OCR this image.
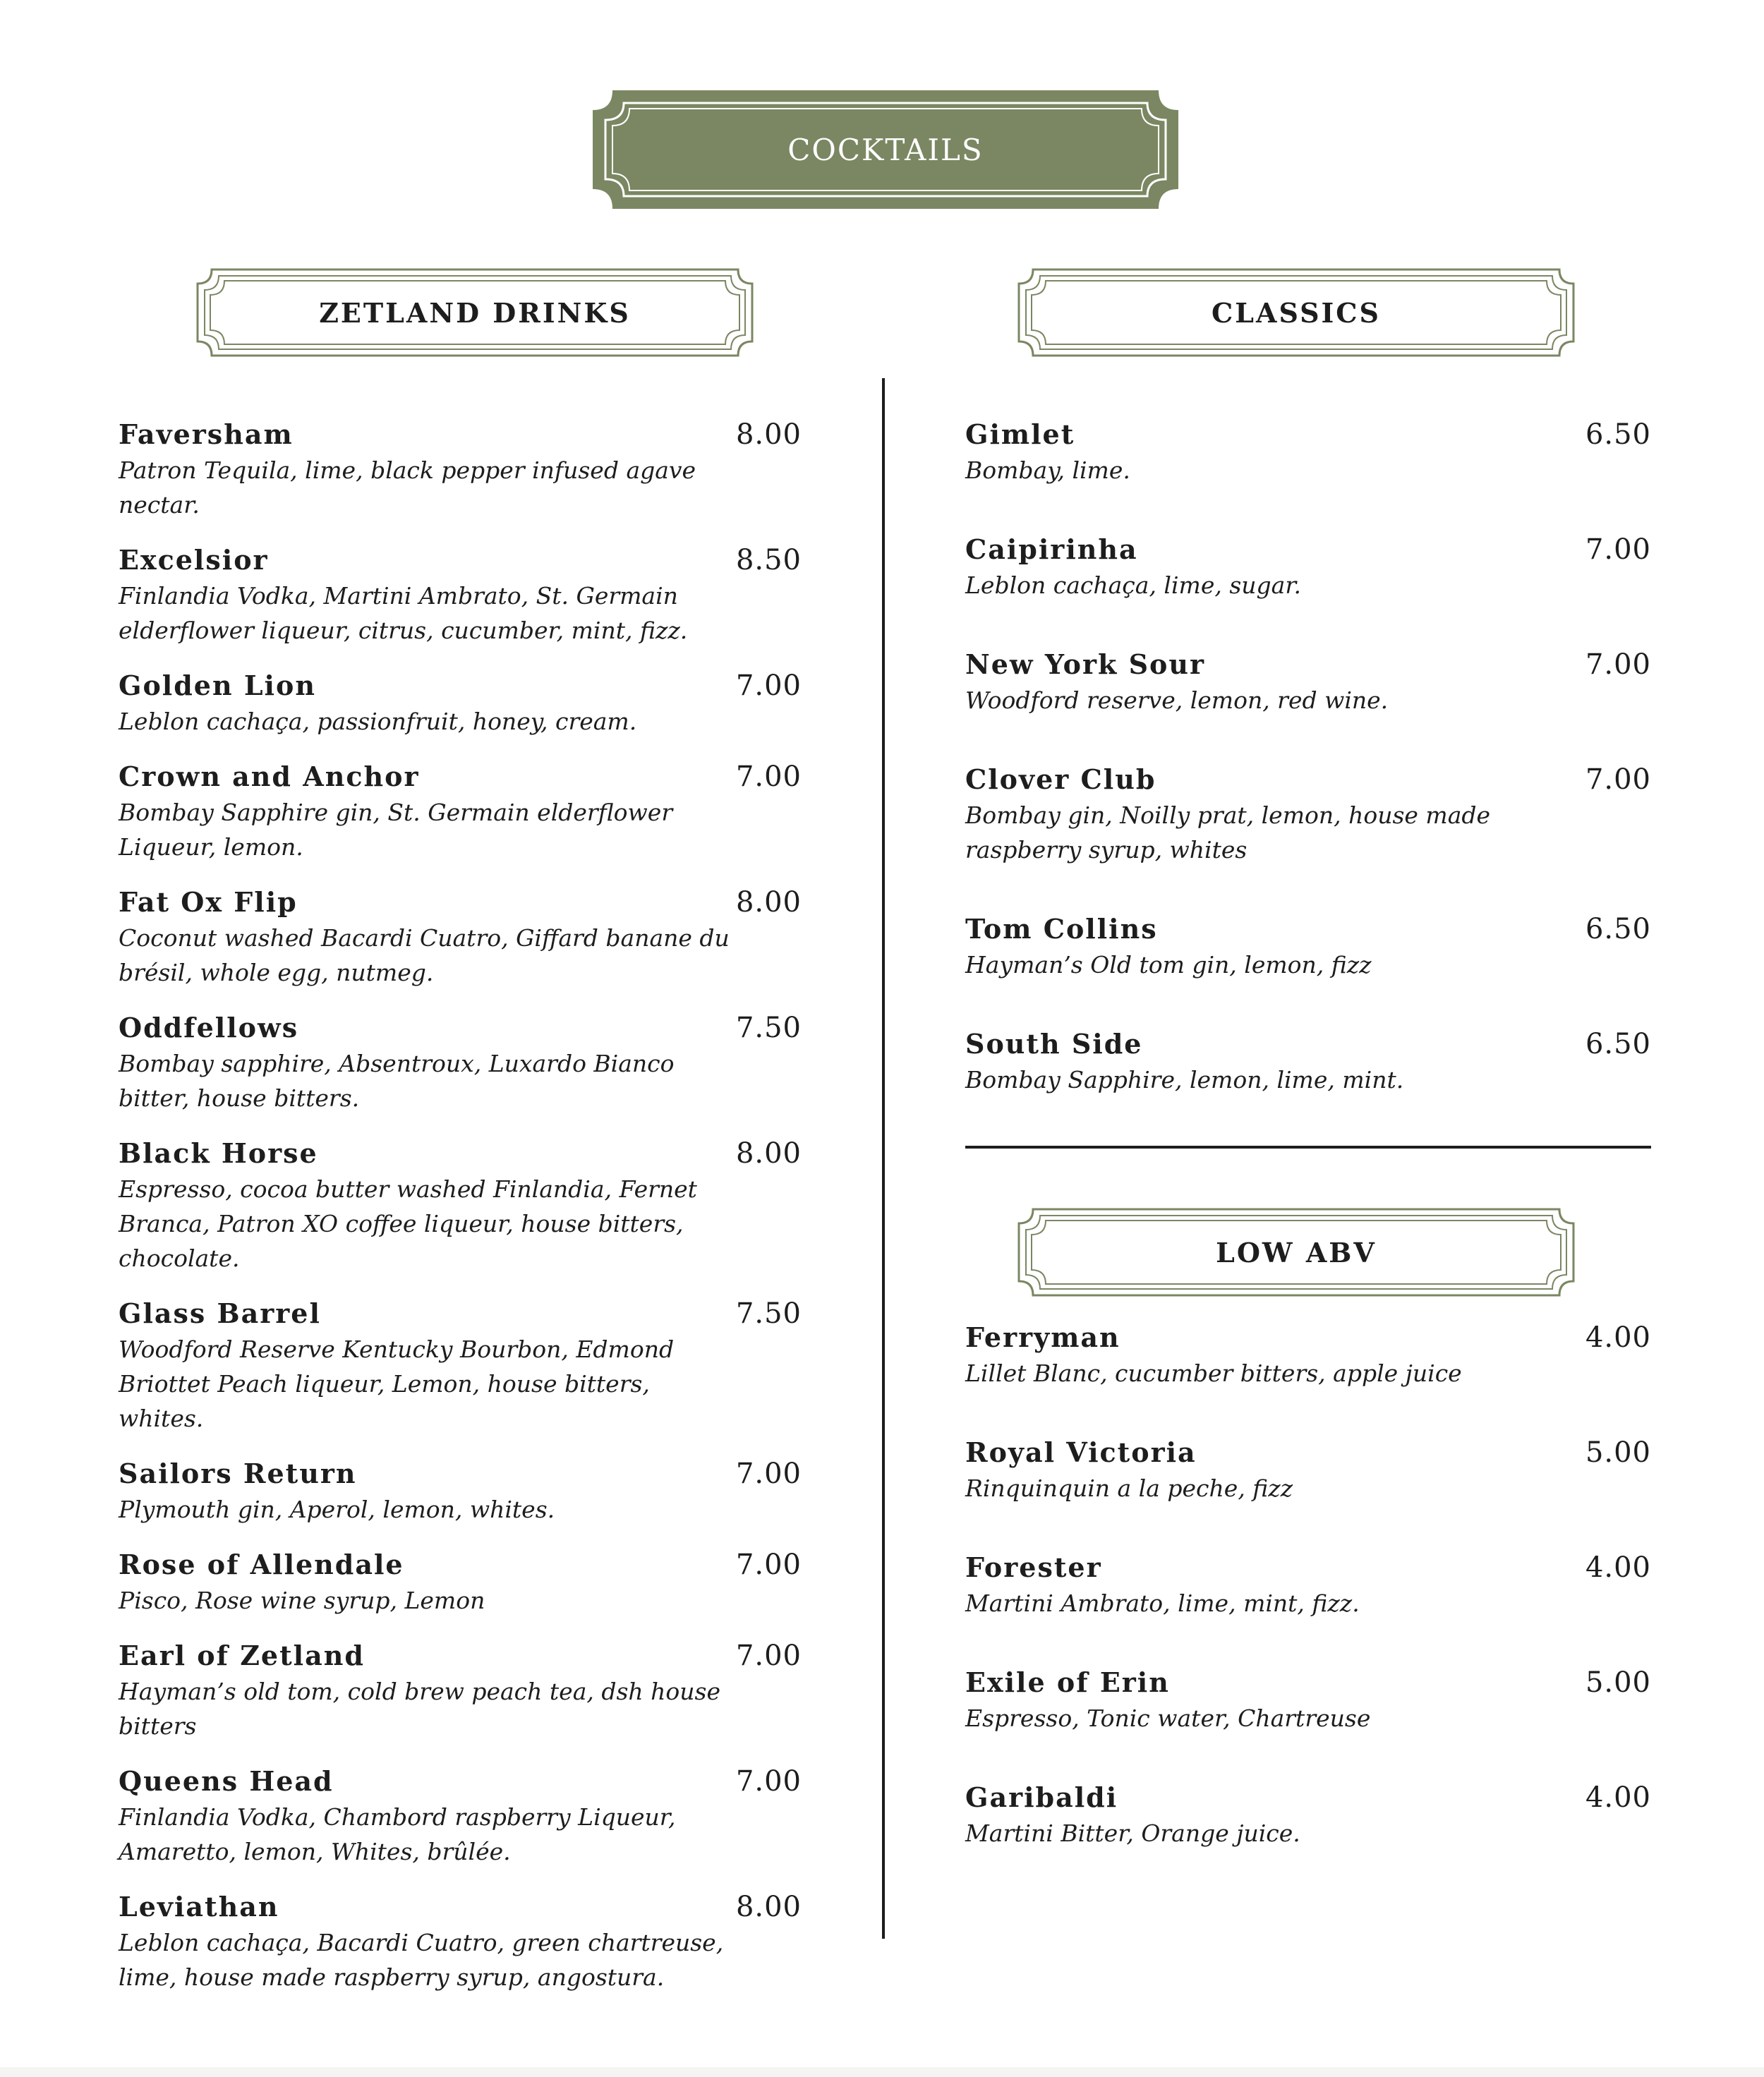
COCKTAILS
ZETLAND DRINKS	CLASSICS
LOW ABV
Faversham	8.00
Patron Tequila, lime, black pepper infused agave nectar.
Excelsior	8.50
Finlandia Vodka, Martini Ambrato, St. Germain elderflower liqueur, citrus, cucumber, mint, fizz.
Golden Lion	7.00
Leblon cachaça, passionfruit, honey, cream.
Crown and Anchor	7.00
Bombay Sapphire gin, St. Germain elderflower Liqueur, lemon.
Fat Ox Flip	8.00
Coconut washed Bacardi Cuatro, Giffard banane du brésil, whole egg, nutmeg.
Oddfellows	7.50
Bombay sapphire, Absentroux, Luxardo Bianco bitter, house bitters.
Black Horse	8.00
Espresso, cocoa butter washed Finlandia, Fernet Branca, Patron XO coffee liqueur, house bitters, chocolate.
Glass Barrel	7.50
Woodford Reserve Kentucky Bourbon, Edmond Briottet Peach liqueur, Lemon, house bitters, whites.
Sailors Return	7.00
Plymouth gin, Aperol, lemon, whites.
Rose of Allendale	7.00
Pisco, Rose wine syrup, Lemon
Earl of Zetland	7.00
Hayman’s old tom, cold brew peach tea, dsh house bitters
Queens Head	7.00
Finlandia Vodka, Chambord raspberry Liqueur, Amaretto, lemon, Whites, brûlée.
Leviathan	8.00
Leblon cachaça, Bacardi Cuatro, green chartreuse, lime, house made raspberry syrup, angostura.
Gimlet	6.50
Bombay, lime.
Caipirinha	7.00
Leblon cachaça, lime, sugar.
New York Sour	7.00
Woodford reserve, lemon, red wine.
Clover Club	7.00
Bombay gin, Noilly prat, lemon, house made raspberry syrup, whites
Tom Collins	6.50
Hayman’s Old tom gin, lemon, fizz
South Side	6.50
Bombay Sapphire, lemon, lime, mint.
Ferryman	4.00
Lillet Blanc, cucumber bitters, apple juice
Royal Victoria	5.00
Rinquinquin a la peche, fizz
Forester	4.00
Martini Ambrato, lime, mint, fizz.
Exile of Erin	5.00
Espresso, Tonic water, Chartreuse
Garibaldi	4.00
Martini Bitter, Orange juice.
